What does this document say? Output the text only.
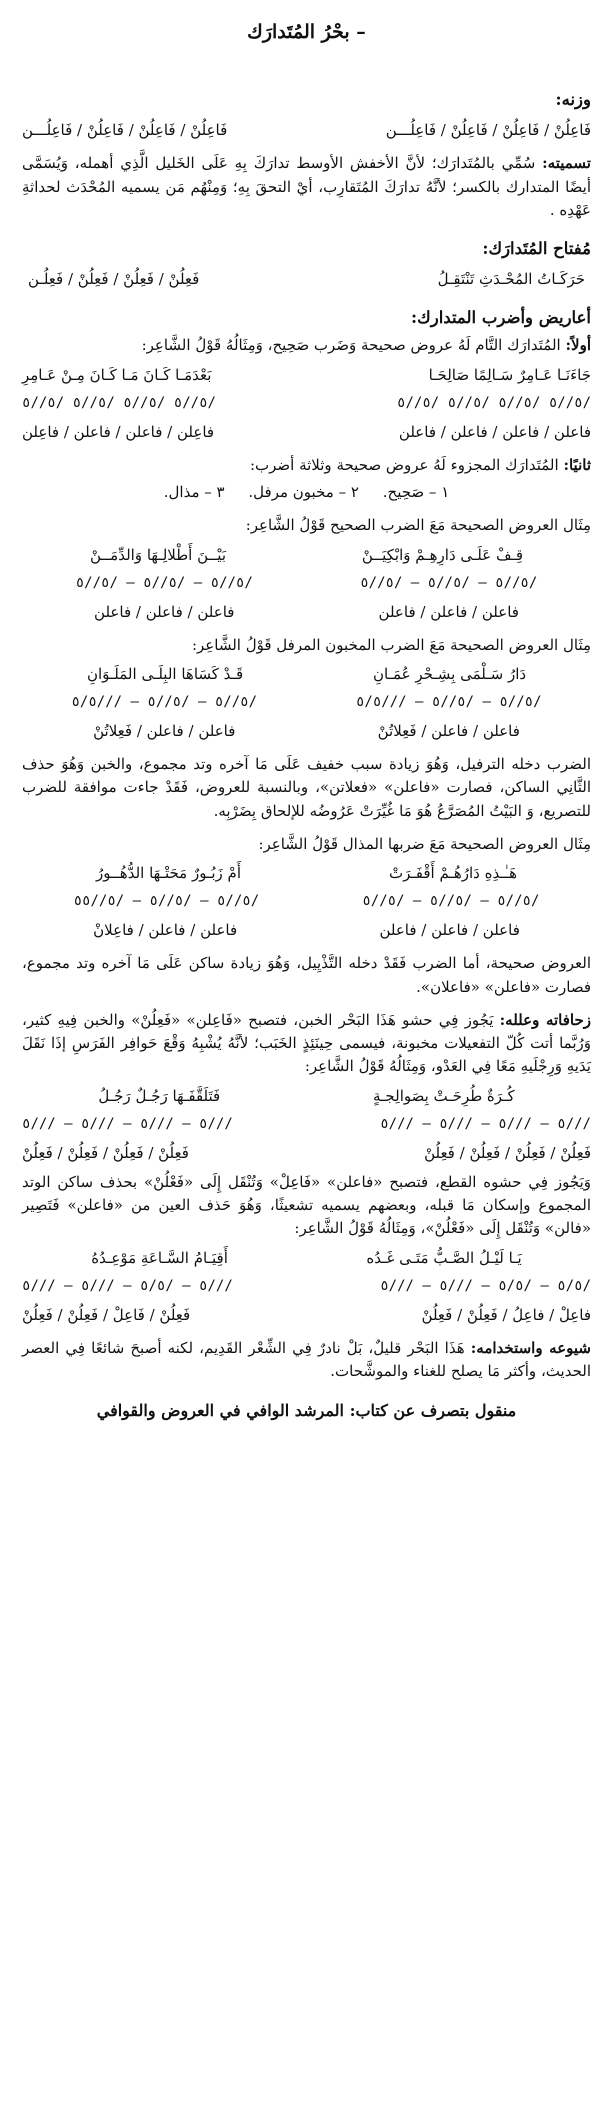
– بحْرُ المُتَدارَك
وزنه:
فَاعِلُنْ / فَاعِلُنْ / فَاعِلُنْ / فَاعِلُـــن
فَاعِلُنْ / فَاعِلُنْ / فَاعِلُنْ / فَاعِلُـــن
تسميته: سُمِّي بالمُتَدارَك؛ لأنَّ الأخفش الأوسط تدارَكَ بِهِ عَلَى الخَليل الَّذِي أهمله، وَيُسَمَّى أيضًا المتدارك بالكسر؛ لأنَّهُ تدارَكَ المُتَقارِب، أيْ التحقَ بِهِ؛ وَمِنْهُم مَن يسميه المُحْدَث لحداثةِ عَهْدِه .
مُفتاح المُتَدارَك:
حَرَكَـاتُ المُحْـدَثِ تَنْتَقِـلُ
فَعِلُنْ / فَعِلُنْ / فَعِلُنْ / فَعِلُـن
أعاريض وأضرب المتدارك:
أولاً: المُتَدارَك التَّام لَهُ عروض صحيحة وَضَرب صَحِيح، وَمِثَالُهُ قَوْلُ الشَّاعِر:
جَاءَنَـا عَـامِرٌ سَـالِمًا صَالِحَـا
بَعْدَمَـا كَـانَ مَـا كَـانَ مِـنْ عَـامِرِ
/٥//٥ /٥//٥ /٥//٥ /٥//٥
/٥//٥ /٥//٥ /٥//٥ /٥//٥
فاعلن / فاعلن / فاعلن / فاعلن
فاعِلن / فاعلن / فاعلن / فاعِلن
ثانيًا: المُتَدارَك المجزوء لَهُ عروض صحيحة وثلاثة أضرب:
١ – صَحِيح.     ٢ – مخبون مرفل.     ٣ – مذال.
مِثَال العروض الصحيحة مَعَ الضرب الصحيح قَوْلُ الشَّاعِر:
قِـفْ عَلَـى دَارِهِـمْ وَابْكِيَــنْ
بَيْــنَ أَطْلالِـهَا وَالدِّمَــنْ
/٥//٥ – /٥//٥ – /٥//٥
/٥//٥ – /٥//٥ – /٥//٥
فاعلن / فاعلن / فاعلن
فاعلن / فاعلن / فاعلن
مِثَال العروض الصحيحة مَعَ الضرب المخبون المرفل قَوْلُ الشَّاعِر:
دَارُ سَـلْمَى بِشِـحْرِ عُمَـانِ
قَـدْ كَسَاهَا البِلَـى المَلَـوَانِ
/٥//٥ – /٥//٥ – ///٥/٥
/٥//٥ – /٥//٥ – ///٥/٥
فاعلن / فاعلن / فَعِلاتُنْ
فاعلن / فاعلن / فَعِلاتُنْ
الضرب دخله الترفيل، وَهُوَ زيادة سبب خفيف عَلَى مَا آخره وتد مجموع، والخبن وَهُوَ حذف الثَّانِي الساكن، فصارت «فاعلن» «فعلاتن»، وبالنسبة للعروض، فَقَدْ جاءت موافقة للضرب للتصريع، وَ البَيْتُ المُصَرَّعُ هُوَ مَا غُيِّرَتْ عَرُوضُه للإلحاق بِضَرْبِه.
مِثَال العروض الصحيحة مَعَ ضربها المذال قَوْلُ الشَّاعِر:
هَـٰـذِهِ دَارُهُـمْ أَقْفَـرَتْ
أَمْ زَبُـورٌ مَحَتْـهَا الدُّهُــورُ
/٥//٥ – /٥//٥ – /٥//٥
/٥//٥ – /٥//٥ – /٥//٥٥
فاعلن / فاعلن / فاعلن
فاعلن / فاعلن / فاعِلانْ
العروض صحيحة، أما الضرب فَقَدْ دخله التَّذْيِيل، وَهُوَ زيادة ساكن عَلَى مَا آخره وتد مجموع، فصارت «فاعلن» «فاعلان».
زحافاته وعلله: يَجُوز فِي حشو هَذَا البَحْر الخبن، فتصبح «فَاعِلن» «فَعِلُنْ» والخبن فِيهِ كثير، وَرُبَّما أتت كُلّ التفعيلات مخبونة، فيسمى حِينَئِذٍ الخَبَب؛ لأنَّهُ يُشْبِهُ وَقْعَ حَوافِر الفَرَسِ إذَا نَقَلَ يَدَيهِ وَرِجْلَيهِ مَعًا فِي العَدْو، وَمِثَالُهُ قَوْلُ الشَّاعِر:
كُـرَةٌ طُرِحَـتْ بِصَوالِجـةٍ
فَتَلَقَّفَـهَا رَجُـلٌ رَجُـلُ
///٥ – ///٥ – ///٥ – ///٥
///٥ – ///٥ – ///٥ – ///٥
فَعِلُنْ / فَعِلُنْ / فَعِلُنْ / فَعِلُنْ
فَعِلُنْ / فَعِلُنْ / فَعِلُنْ / فَعِلُنْ
وَيَجُوز فِي حشوه القطع، فتصبح «فاعلن» «فَاعِلْ» وَتُنْقَل إِلَى «فَعْلُنْ» بحذف ساكن الوتد المجموع وإسكان مَا قبله، وبعضهم يسميه تشعيثًا، وَهُوَ حَذف العين من «فاعلن» فَتَصِير «فالن» وَتُنْقَل إِلَى «فَعْلُنْ»، وَمِثَالُهُ قَوْلُ الشَّاعِر:
يَـا لَيْـلُ الصَّـبُّ مَتَـى غَـدُه
أَقِيَـامُ السَّـاعَةِ مَوْعِـدُهُ
/٥/٥ – /٥/٥ – ///٥ – ///٥
///٥ – /٥/٥ – ///٥ – ///٥
فاعِلْ / فاعِلُ / فَعِلُنْ / فَعِلُنْ
فَعِلُنْ / فَاعِلْ / فَعِلُنْ / فَعِلُنْ
شيوعه واستخدامه: هَذَا البَحْر قليلٌ، بَلْ نادرٌ فِي الشِّعْر القَدِيم، لكنه أصبحَ شائعًا فِي العصر الحديث، وأكثر مَا يصلح للغناء والموشَّحات.
منقول بتصرف عن كتاب: المرشد الوافي في العروض والقوافي
